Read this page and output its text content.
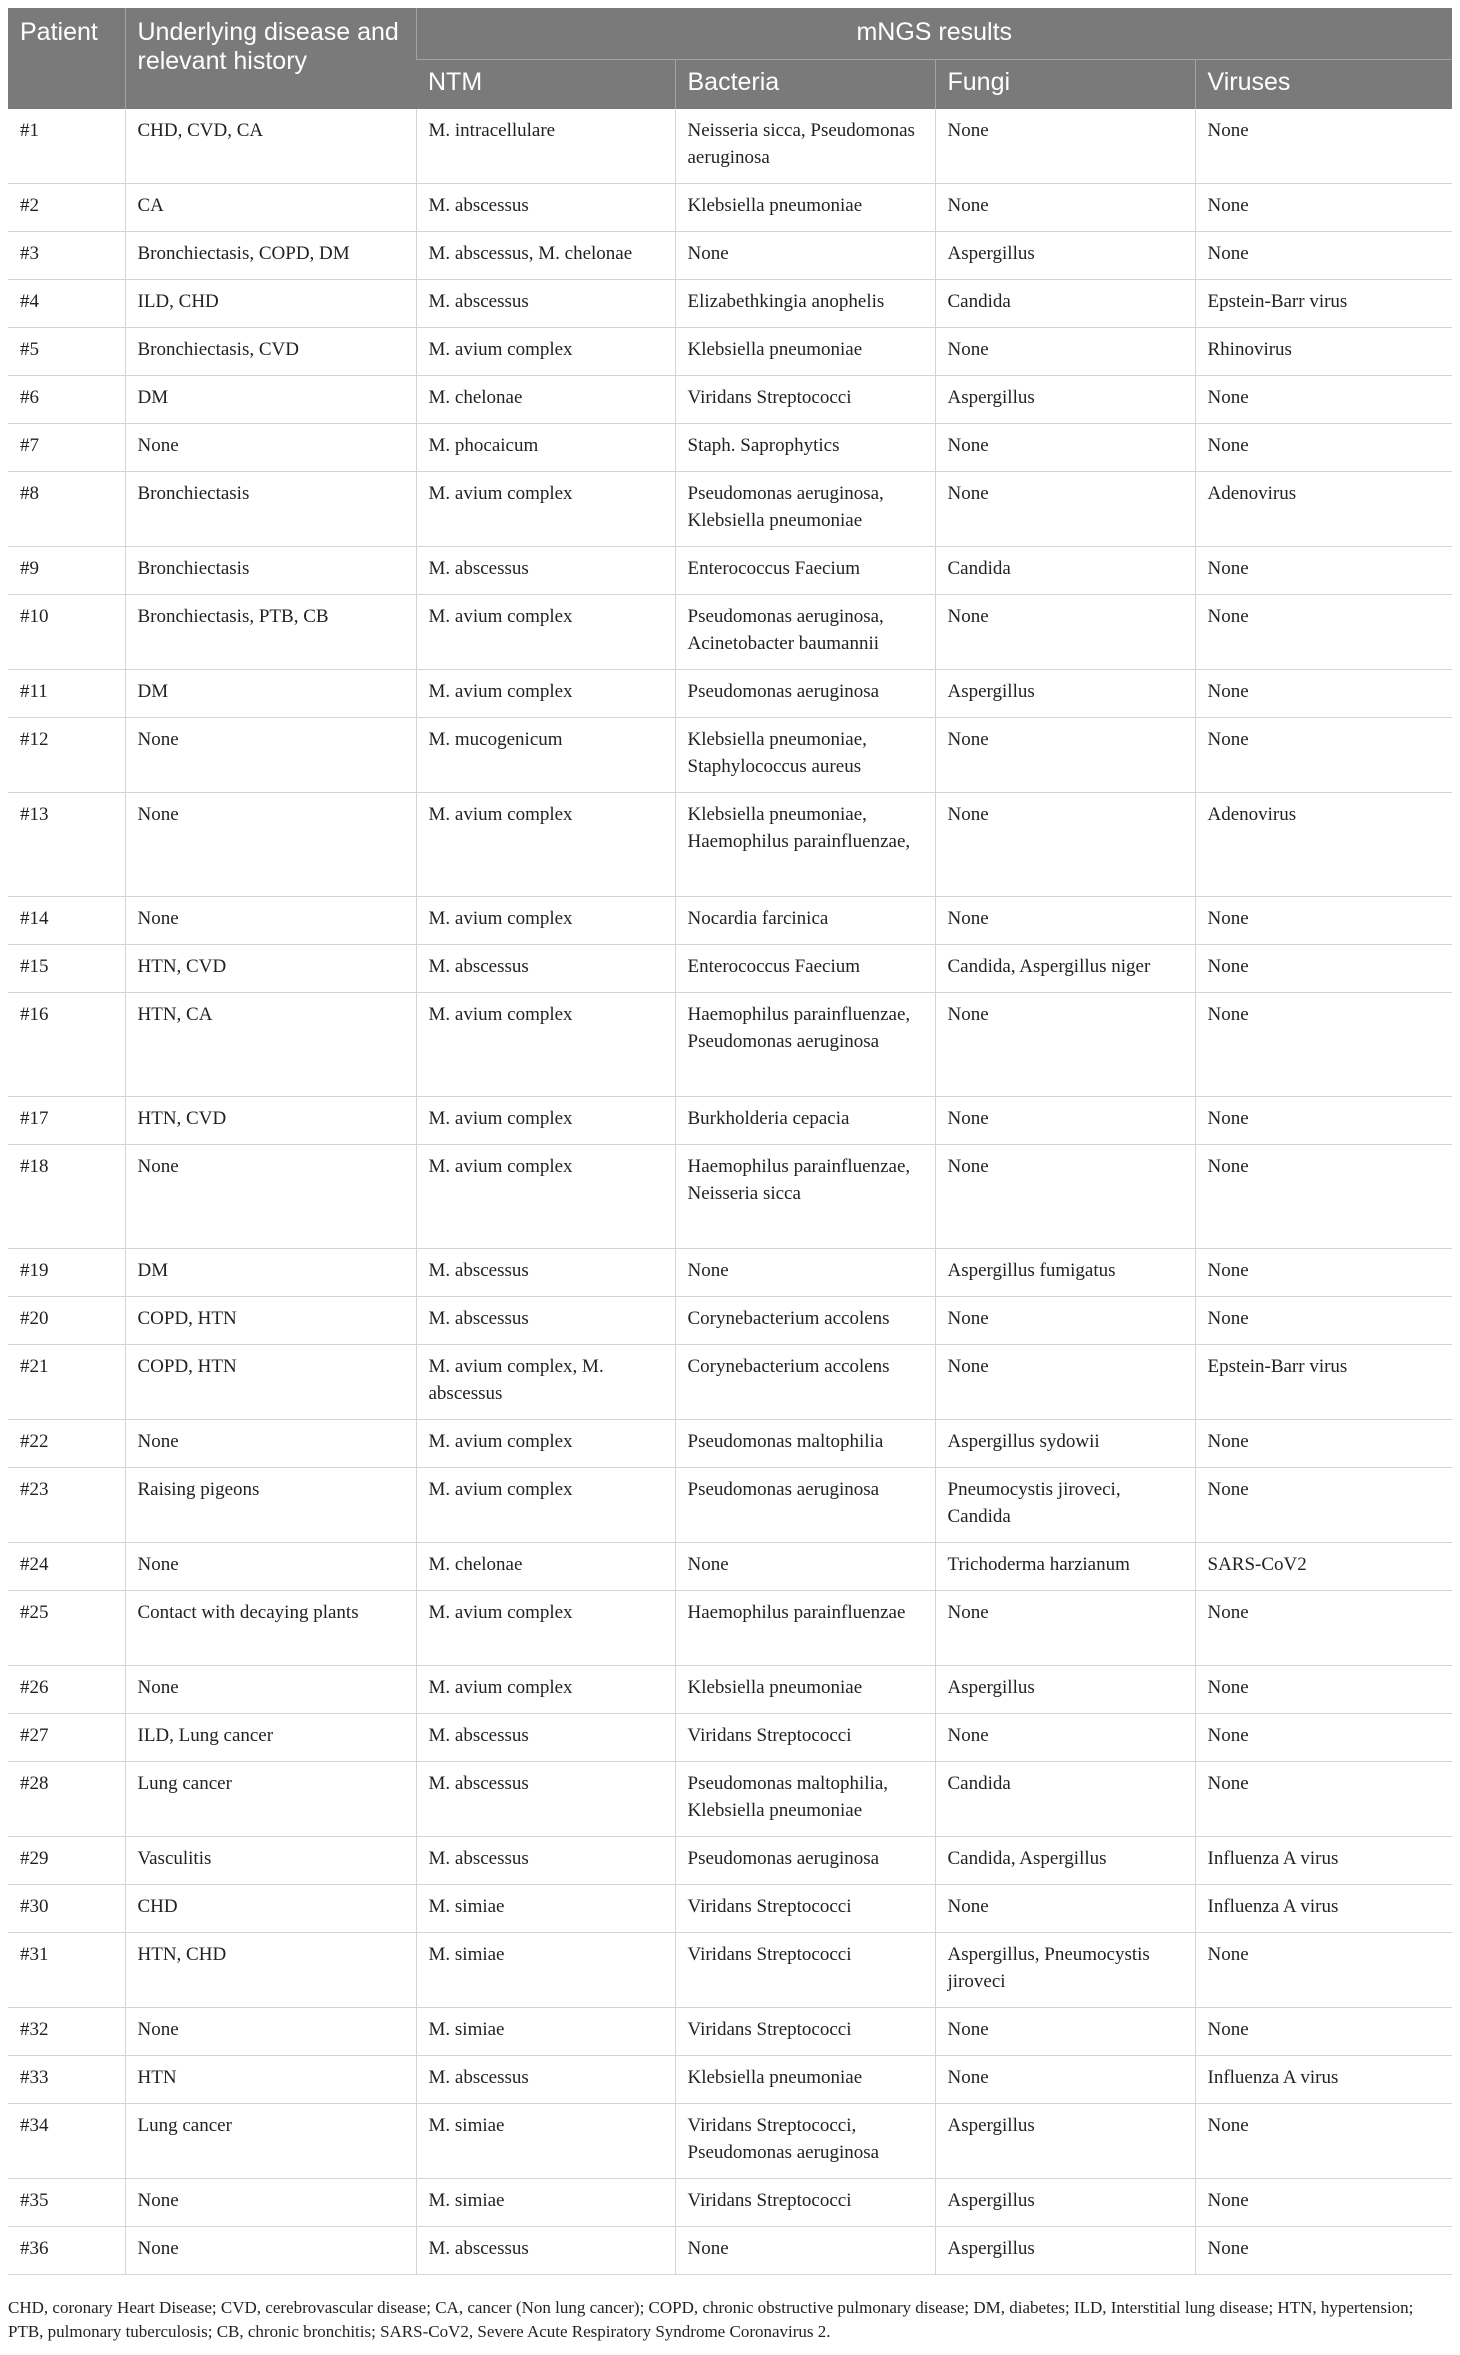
Patient	Underlying disease and relevant history	mNGS results			
		NTM	Bacteria	Fungi	Viruses
#1	CHD, CVD, CA	M. intracellulare	Neisseria sicca, Pseudomonas aeruginosa	None	None
#2	CA	M. abscessus	Klebsiella pneumoniae	None	None
#3	Bronchiectasis, COPD, DM	M. abscessus, M. chelonae	None	Aspergillus	None
#4	ILD, CHD	M. abscessus	Elizabethkingia anophelis	Candida	Epstein-Barr virus
#5	Bronchiectasis, CVD	M. avium complex	Klebsiella pneumoniae	None	Rhinovirus
#6	DM	M. chelonae	Viridans Streptococci	Aspergillus	None
#7	None	M. phocaicum	Staph. Saprophytics	None	None
#8	Bronchiectasis	M. avium complex	Pseudomonas aeruginosa, Klebsiella pneumoniae	None	Adenovirus
#9	Bronchiectasis	M. abscessus	Enterococcus Faecium	Candida	None
#10	Bronchiectasis, PTB, CB	M. avium complex	Pseudomonas aeruginosa, Acinetobacter baumannii	None	None
#11	DM	M. avium complex	Pseudomonas aeruginosa	Aspergillus	None
#12	None	M. mucogenicum	Klebsiella pneumoniae, Staphylococcus aureus	None	None
#13	None	M. avium complex	Klebsiella pneumoniae, Haemophilus parainfluenzae,	None	Adenovirus
#14	None	M. avium complex	Nocardia farcinica	None	None
#15	HTN, CVD	M. abscessus	Enterococcus Faecium	Candida, Aspergillus niger	None
#16	HTN, CA	M. avium complex	Haemophilus parainfluenzae, Pseudomonas aeruginosa	None	None
#17	HTN, CVD	M. avium complex	Burkholderia cepacia	None	None
#18	None	M. avium complex	Haemophilus parainfluenzae, Neisseria sicca	None	None
#19	DM	M. abscessus	None	Aspergillus fumigatus	None
#20	COPD, HTN	M. abscessus	Corynebacterium accolens	None	None
#21	COPD, HTN	M. avium complex, M. abscessus	Corynebacterium accolens	None	Epstein-Barr virus
#22	None	M. avium complex	Pseudomonas maltophilia	Aspergillus sydowii	None
#23	Raising pigeons	M. avium complex	Pseudomonas aeruginosa	Pneumocystis jiroveci, Candida	None
#24	None	M. chelonae	None	Trichoderma harzianum	SARS-CoV2
#25	Contact with decaying plants	M. avium complex	Haemophilus parainfluenzae	None	None
#26	None	M. avium complex	Klebsiella pneumoniae	Aspergillus	None
#27	ILD, Lung cancer	M. abscessus	Viridans Streptococci	None	None
#28	Lung cancer	M. abscessus	Pseudomonas maltophilia, Klebsiella pneumoniae	Candida	None
#29	Vasculitis	M. abscessus	Pseudomonas aeruginosa	Candida, Aspergillus	Influenza A virus
#30	CHD	M. simiae	Viridans Streptococci	None	Influenza A virus
#31	HTN, CHD	M. simiae	Viridans Streptococci	Aspergillus, Pneumocystis jiroveci	None
#32	None	M. simiae	Viridans Streptococci	None	None
#33	HTN	M. abscessus	Klebsiella pneumoniae	None	Influenza A virus
#34	Lung cancer	M. simiae	Viridans Streptococci, Pseudomonas aeruginosa	Aspergillus	None
#35	None	M. simiae	Viridans Streptococci	Aspergillus	None
#36	None	M. abscessus	None	Aspergillus	None
CHD, coronary Heart Disease; CVD, cerebrovascular disease; CA, cancer (Non lung cancer); COPD, chronic obstructive pulmonary disease; DM, diabetes; ILD, Interstitial lung disease; HTN, hypertension; PTB, pulmonary tuberculosis; CB, chronic bronchitis; SARS-CoV2, Severe Acute Respiratory Syndrome Coronavirus 2.
